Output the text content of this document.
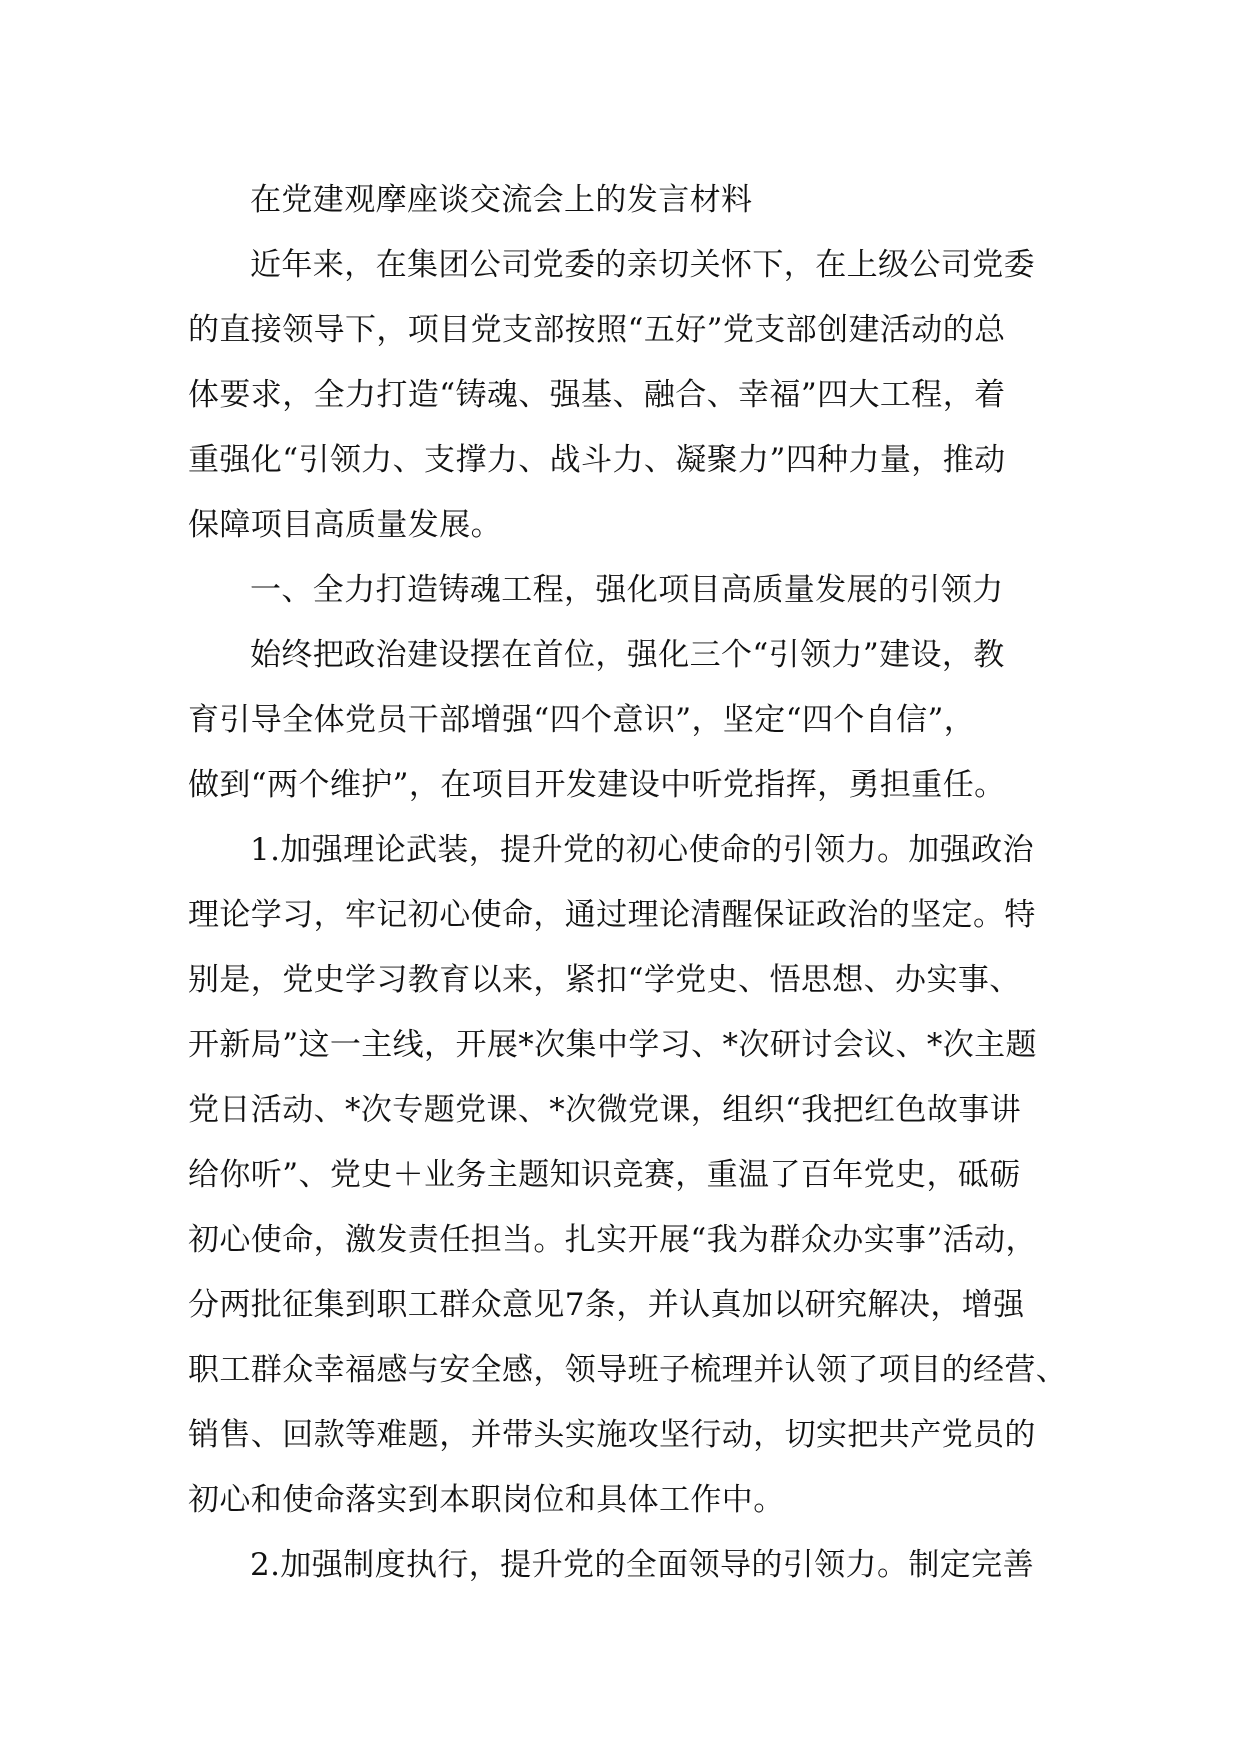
在党建观摩座谈交流会上的发言材料
近年来，在集团公司党委的亲切关怀下，在上级公司党委
的直接领导下，项目党支部按照“五好”党支部创建活动的总
体要求，全力打造“铸魂、强基、融合、幸福”四大工程，着
重强化“引领力、支撑力、战斗力、凝聚力”四种力量，推动
保障项目高质量发展。
一、全力打造铸魂工程，强化项目高质量发展的引领力
始终把政治建设摆在首位，强化三个“引领力”建设，教
育引导全体党员干部增强“四个意识”，坚定“四个自信”，
做到“两个维护”，在项目开发建设中听党指挥，勇担重任。
1.加强理论武装，提升党的初心使命的引领力。加强政治
理论学习，牢记初心使命，通过理论清醒保证政治的坚定。特
别是，党史学习教育以来，紧扣“学党史、悟思想、办实事、
开新局”这一主线，开展*次集中学习、*次研讨会议、*次主题
党日活动、*次专题党课、*次微党课，组织“我把红色故事讲
给你听”、党史＋业务主题知识竞赛，重温了百年党史，砥砺
初心使命，激发责任担当。扎实开展“我为群众办实事”活动，
分两批征集到职工群众意见7条，并认真加以研究解决，增强
职工群众幸福感与安全感，领导班子梳理并认领了项目的经营、
销售、回款等难题，并带头实施攻坚行动，切实把共产党员的
初心和使命落实到本职岗位和具体工作中。
2.加强制度执行，提升党的全面领导的引领力。制定完善
